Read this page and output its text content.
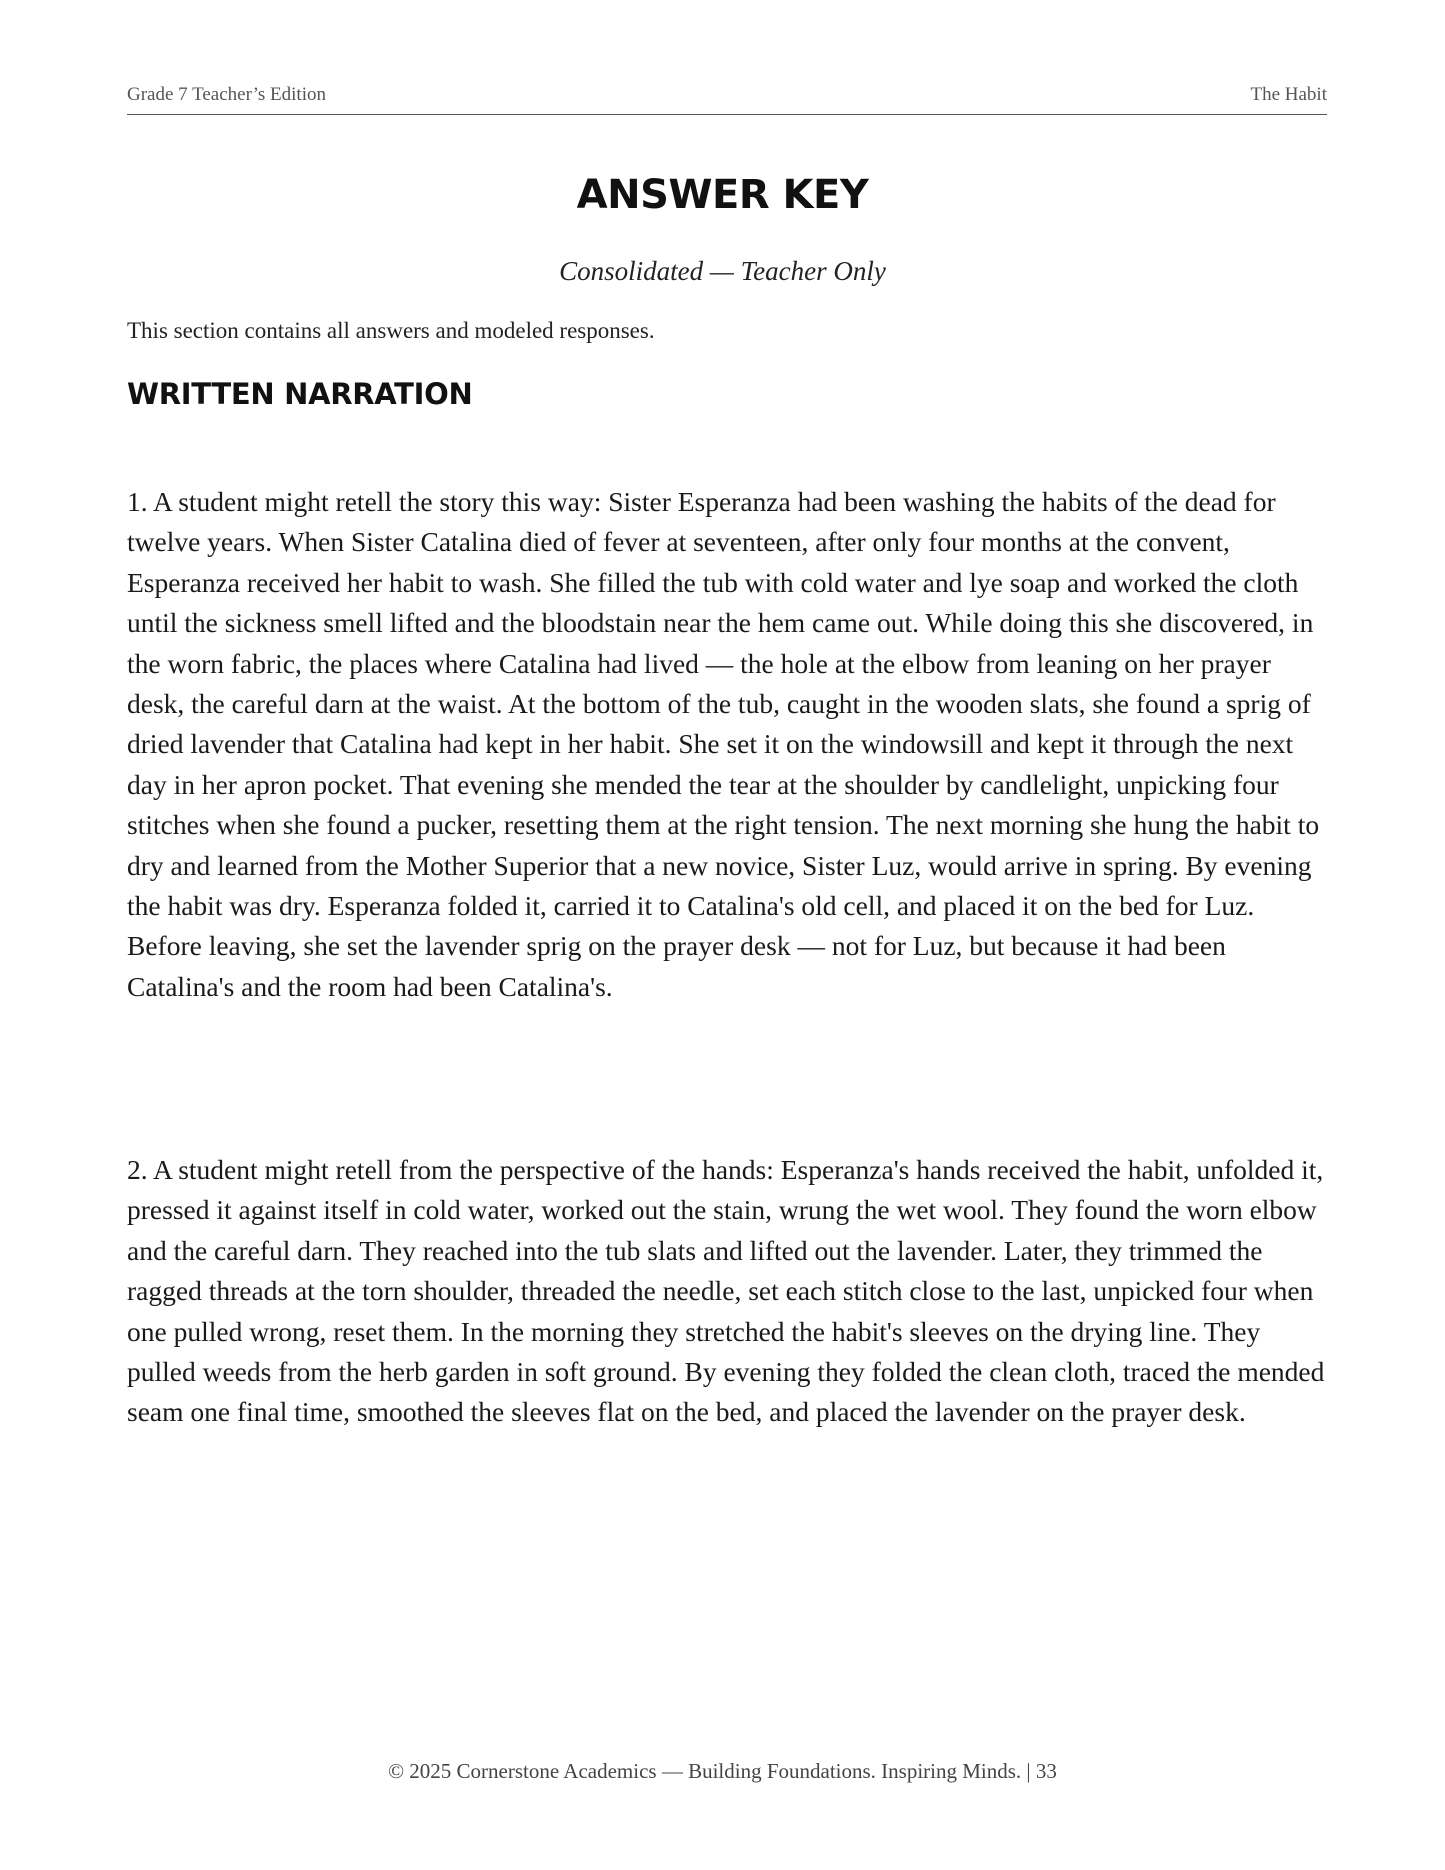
Grade 7 Teacher’s Edition	The Habit
ANSWER KEY
Consolidated — Teacher Only
This section contains all answers and modeled responses.
WRITTEN NARRATION

1. A student might retell the story this way: Sister Esperanza had been washing the habits of the dead for twelve years. When Sister Catalina died of fever at seventeen, after only four months at the convent, Esperanza received her habit to wash. She filled the tub with cold water and lye soap and worked the cloth until the sickness smell lifted and the bloodstain near the hem came out. While doing this she discovered, in the worn fabric, the places where Catalina had lived — the hole at the elbow from leaning on her prayer desk, the careful darn at the waist. At the bottom of the tub, caught in the wooden slats, she found a sprig of dried lavender that Catalina had kept in her habit. She set it on the windowsill and kept it through the next day in her apron pocket. That evening she mended the tear at the shoulder by candlelight, unpicking four stitches when she found a pucker, resetting them at the right tension. The next morning she hung the habit to dry and learned from the Mother Superior that a new novice, Sister Luz, would arrive in spring. By evening the habit was dry. Esperanza folded it, carried it to Catalina's old cell, and placed it on the bed for Luz. Before leaving, she set the lavender sprig on the prayer desk — not for Luz, but because it had been Catalina's and the room had been Catalina's.

2. A student might retell from the perspective of the hands: Esperanza's hands received the habit, unfolded it, pressed it against itself in cold water, worked out the stain, wrung the wet wool. They found the worn elbow and the careful darn. They reached into the tub slats and lifted out the lavender. Later, they trimmed the ragged threads at the torn shoulder, threaded the needle, set each stitch close to the last, unpicked four when one pulled wrong, reset them. In the morning they stretched the habit's sleeves on the drying line. They pulled weeds from the herb garden in soft ground. By evening they folded the clean cloth, traced the mended seam one final time, smoothed the sleeves flat on the bed, and placed the lavender on the prayer desk.

© 2025 Cornerstone Academics — Building Foundations. Inspiring Minds. | 33
